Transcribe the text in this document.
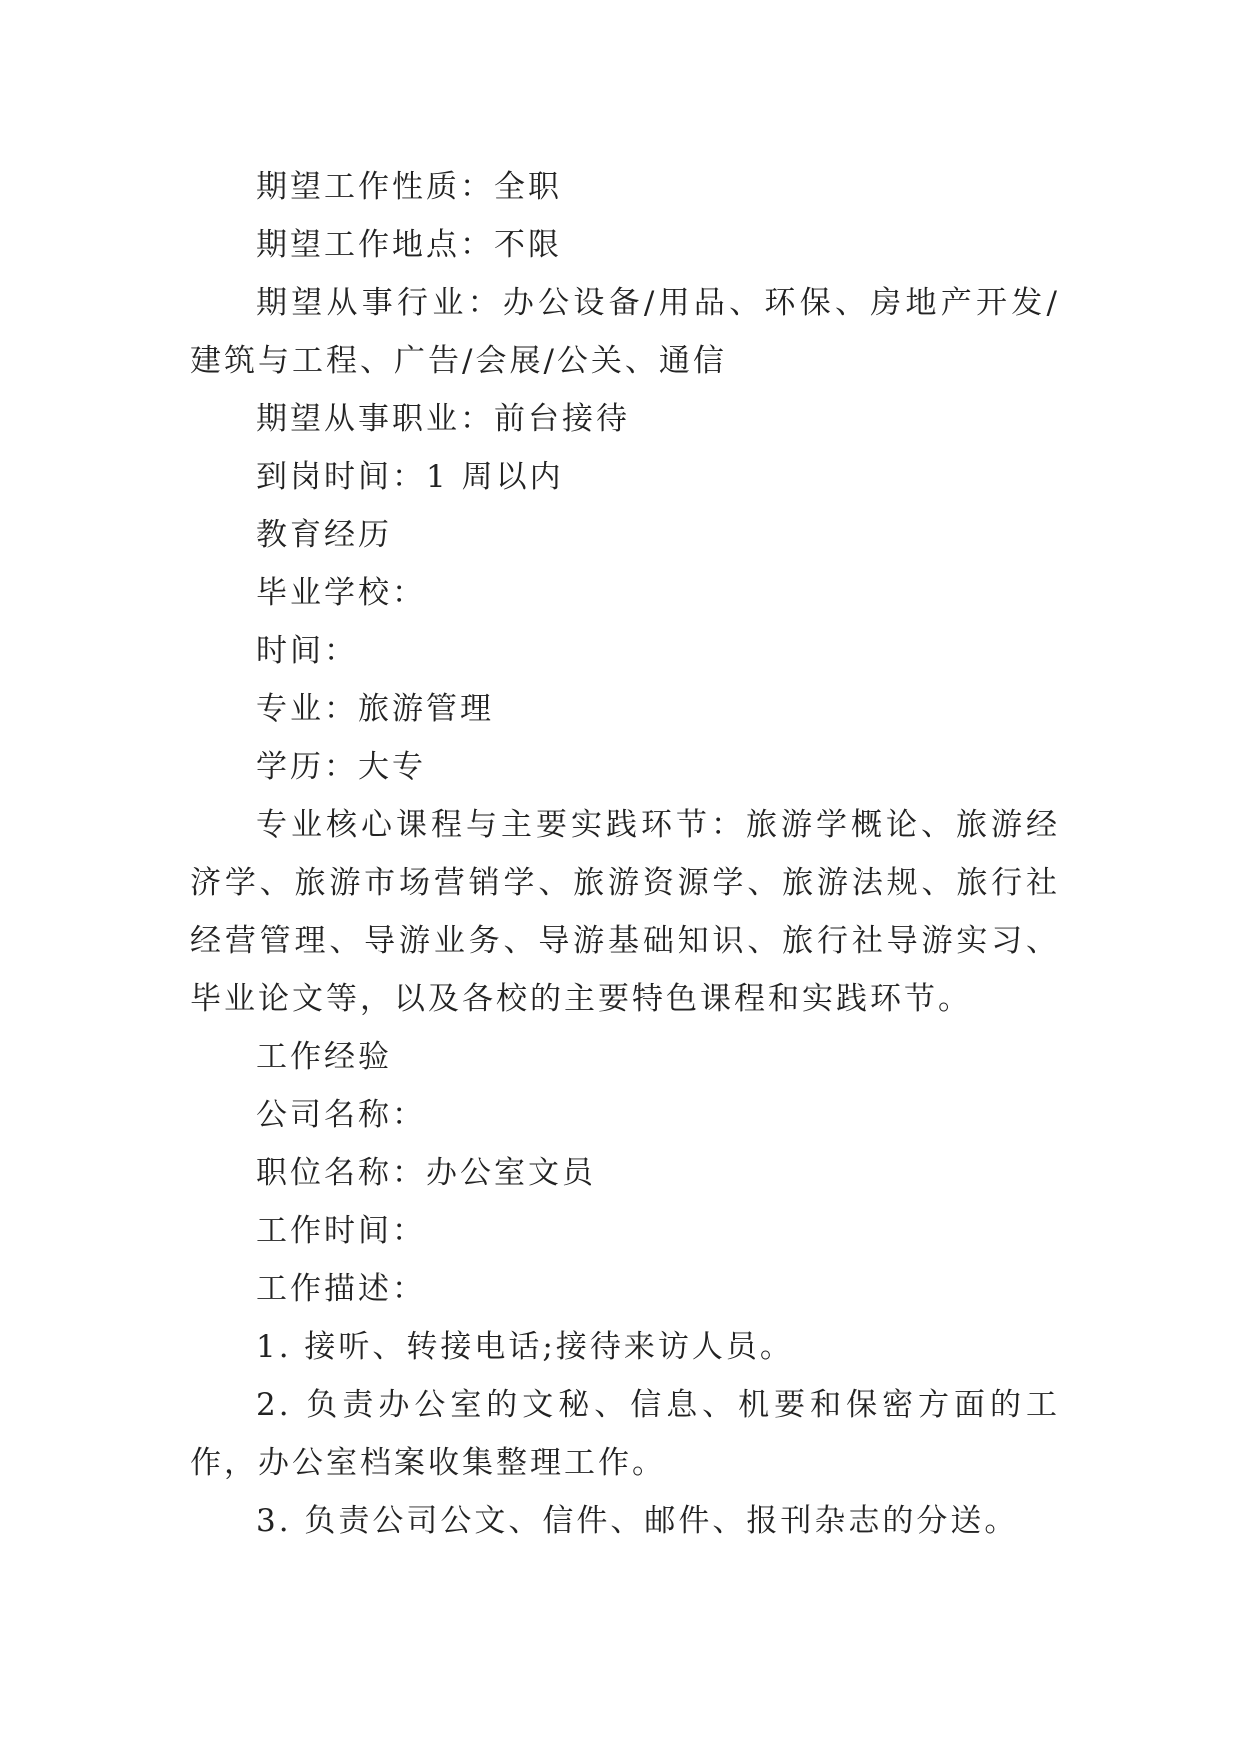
期望工作性质：全职

期望工作地点：不限

期望从事行业：办公设备/用品、环保、房地产开发/建筑与工程、广告/会展/公关、通信

期望从事职业：前台接待

到岗时间：1 周以内

教育经历

毕业学校：

时间：

专业：旅游管理

学历：大专

专业核心课程与主要实践环节：旅游学概论、旅游经济学、旅游市场营销学、旅游资源学、旅游法规、旅行社经营管理、导游业务、导游基础知识、旅行社导游实习、毕业论文等，以及各校的主要特色课程和实践环节。

工作经验

公司名称：

职位名称：办公室文员

工作时间：

工作描述：

1. 接听、转接电话;接待来访人员。

2. 负责办公室的文秘、信息、机要和保密方面的工作，办公室档案收集整理工作。

3. 负责公司公文、信件、邮件、报刊杂志的分送。
